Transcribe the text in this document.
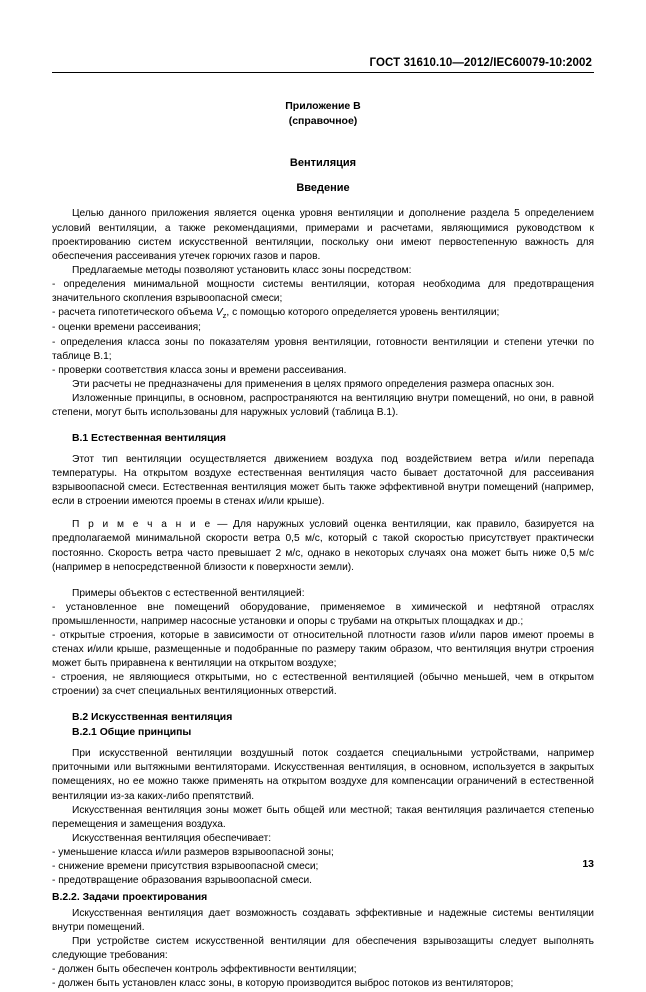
ГОСТ 31610.10—2012/IEC60079-10:2002
Приложение В
(справочное)
Вентиляция
Введение

Целью данного приложения является оценка уровня вентиляции и дополнение раздела 5 определением условий вентиляции, а также рекомендациями, примерами и расчетами, являющимися руководством к проектированию систем искусственной вентиляции, поскольку они имеют первостепенную важность для обеспечения рассеивания утечек горючих газов и паров.

Предлагаемые методы позволяют установить класс зоны посредством:

- определения минимальной мощности системы вентиляции, которая необходима для предотвращения значительного скопления взрывоопасной смеси;

- расчета гипотетического объема $V_z$, с помощью которого определяется уровень вентиляции;

- оценки времени рассеивания;

- определения класса зоны по показателям уровня вентиляции, готовности вентиляции и степени утечки по таблице В.1;

- проверки соответствия класса зоны и времени рассеивания.

Эти расчеты не предназначены для применения в целях прямого определения размера опасных зон.

Изложенные принципы, в основном, распространяются на вентиляцию внутри помещений, но они, в равной степени, могут быть использованы для наружных условий (таблица В.1).

В.1 Естественная вентиляция

Этот тип вентиляции осуществляется движением воздуха под воздействием ветра и/или перепада температуры. На открытом воздухе естественная вентиляция часто бывает достаточной для рассеивания взрывоопасной смеси. Естественная вентиляция может быть также эффективной внутри помещений (например, если в строении имеются проемы в стенах и/или крыше).

П р и м е ч а н и е — Для наружных условий оценка вентиляции, как правило, базируется на предполагаемой минимальной скорости ветра 0,5 м/с, который с такой скоростью присутствует практически постоянно. Скорость ветра часто превышает 2 м/с, однако в некоторых случаях она может быть ниже 0,5 м/с (например в непосредственной близости к поверхности земли).

Примеры объектов с естественной вентиляцией:

- установленное вне помещений оборудование, применяемое в химической и нефтяной отраслях промышленности, например насосные установки и опоры с трубами на открытых площадках и др.;

- открытые строения, которые в зависимости от относительной плотности газов и/или паров имеют проемы в стенах и/или крыше, размещенные и подобранные по размеру таким образом, что вентиляция внутри строения может быть приравнена к вентиляции на открытом воздухе;

- строения, не являющиеся открытыми, но с естественной вентиляцией (обычно меньшей, чем в открытом строении) за счет специальных вентиляционных отверстий.

В.2 Искусственная вентиляция
В.2.1 Общие принципы

При искусственной вентиляции воздушный поток создается специальными устройствами, например приточными или вытяжными вентиляторами. Искусственная вентиляция, в основном, используется в закрытых помещениях, но ее можно также применять на открытом воздухе для компенсации ограничений в естественной вентиляции из-за каких-либо препятствий.

Искусственная вентиляция зоны может быть общей или местной; такая вентиляция различается степенью перемещения и замещения воздуха.

Искусственная вентиляция обеспечивает:

- уменьшение класса и/или размеров взрывоопасной зоны;

- снижение времени присутствия взрывоопасной смеси;

- предотвращение образования взрывоопасной смеси.

В.2.2. Задачи проектирования

Искусственная вентиляция дает возможность создавать эффективные и надежные системы вентиляции внутри помещений.

При устройстве систем искусственной вентиляции для обеспечения взрывозащиты следует выполнять следующие требования:

- должен быть обеспечен контроль эффективности вентиляции;

- должен быть установлен класс зоны, в которую производится выброс потоков из вентиляторов;

13
